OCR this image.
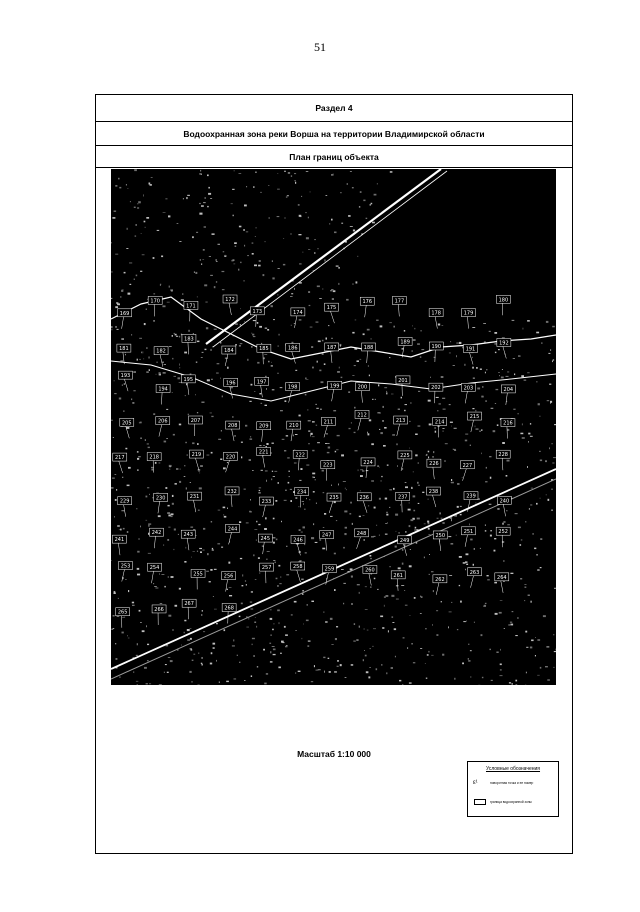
51
Раздел 4
Водоохранная зона реки Ворша на территории Владимирской области
План границ объекта
169
170
171
172
173	174
175
176	177
178	179
180
181	182
183
184	185	186	187	188
189
190	191
192
193
194
195
196	197
198	199	200
201
202	203	204
205	206	207
208	209	210
211
212
213	214
215
216
217	218	219	220
221	222
223	224
225
226	227
228
229
230	231
232
233
234
235	236	237
238
239
240
241
242	243
244
245	246
247	248
249
250
251	252
253	254
255	256
257	258	259	260
261
262
263
264
265	266
267
268
Масштаб 1:10 000
Условные обозначения
ε¹	поворотная точка и ее номер
граница водоохранной зоны
